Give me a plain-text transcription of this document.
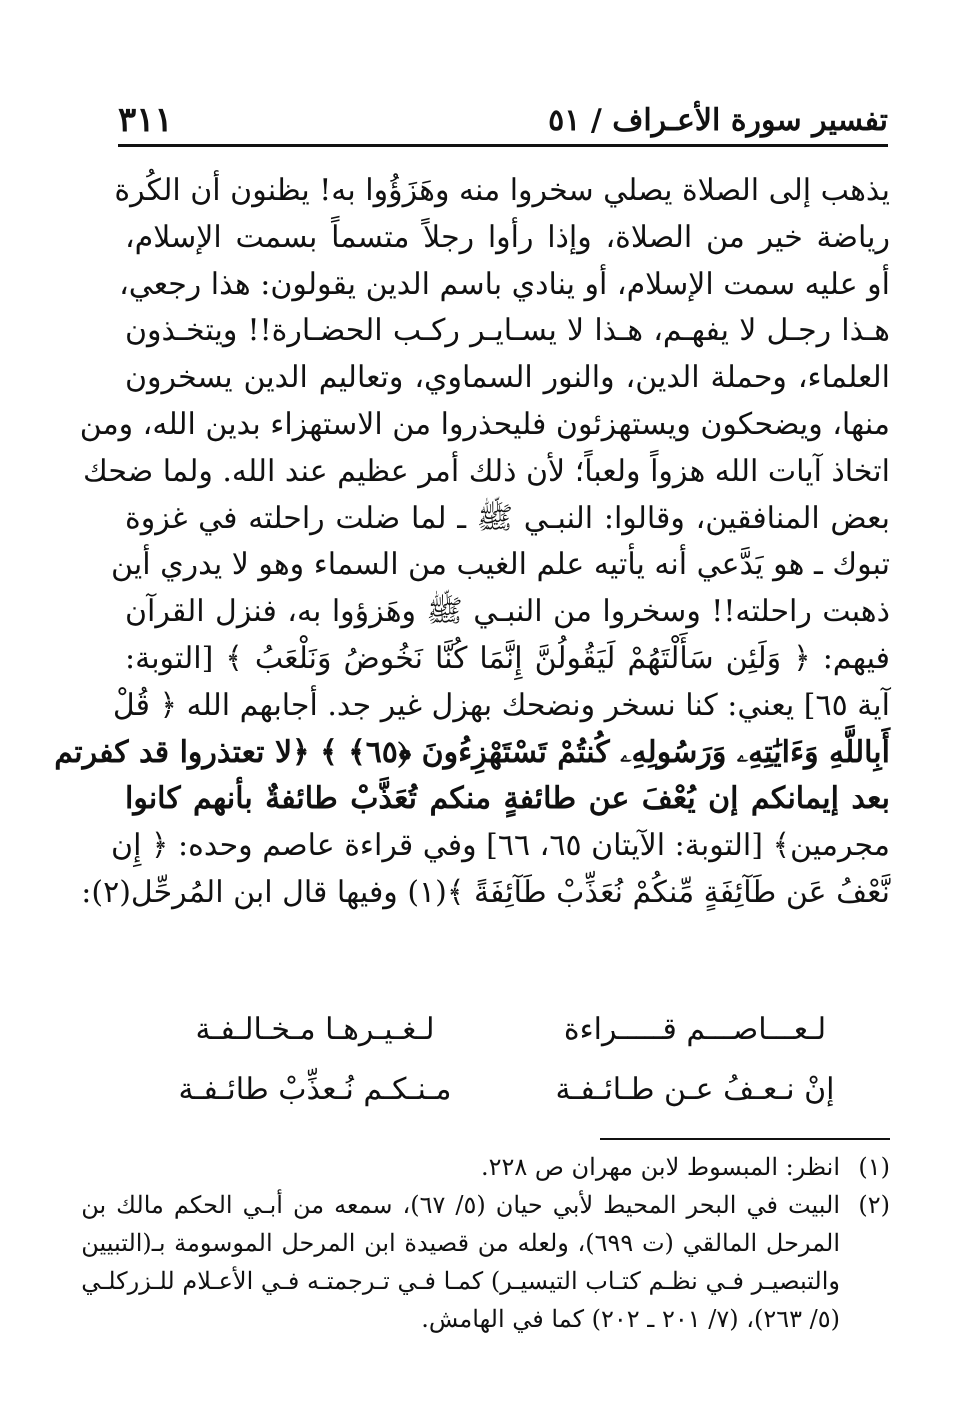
تفسير سورة الأعـراف / ٥١
٣١١
يذهب إلى الصلاة يصلي سخروا منه وهَزَؤُوا به! يظنون أن الكُرة
رياضة خير من الصلاة، وإذا رأوا رجلاً متسماً بسمت الإسلام،
أو عليه سمت الإسلام، أو ينادي باسم الدين يقولون: هذا رجعي،
هـذا رجـل لا يفهـم، هـذا لا يسـايـر ركـب الحضـارة!! ويتخـذون
العلماء، وحملة الدين، والنور السماوي، وتعاليم الدين يسخرون
منها، ويضحكون ويستهزئون فليحذروا من الاستهزاء بدين الله، ومن
اتخاذ آيات الله هزواً ولعباً؛ لأن ذلك أمر عظيم عند الله. ولما ضحك
بعض المنافقين، وقالوا: النبـي ﷺ ـ لما ضلت راحلته في غزوة
تبوك ـ هو يَدَّعي أنه يأتيه علم الغيب من السماء وهو لا يدري أين
ذهبت راحلته!! وسخروا من النبـي ﷺ وهَزؤوا به، فنزل القرآن
فيهم: ﴿ وَلَئِن سَأَلْتَهُمْ لَيَقُولُنَّ إِنَّمَا كُنَّا نَخُوضُ وَنَلْعَبُ ﴾ [التوبة:
آية ٦٥] يعني: كنا نسخر ونضحك بهزل غير جد. أجابهم الله ﴿ قُلْ
أَبِاللَّهِ وَءَايَٰتِهِۦ وَرَسُولِهِۦ كُنتُمْ تَسْتَهْزِءُونَ ﴿٦٥﴾ ﴾ ﴿لا تعتذروا قد كفرتم
بعد إيمانكم إن يُعْفَ عن طائفةٍ منكم تُعَذَّبْ طائفةٌ بأنهم كانوا
مجرمين﴾ [التوبة: الآيتان ٦٥، ٦٦] وفي قراءة عاصم وحده: ﴿ إِن
نَّعْفُ عَن طَآئِفَةٍ مِّنكُمْ نُعَذِّبْ طَآئِفَةً ﴾(١) وفيها قال ابن المُرحِّل(٢):
لـعـــاصـــم قـــــراءة
لـغـيـرهـا مـخـالـفـة
إنْ نـعـفُ عـن طـائـفـة
مـنـكـم نُـعذِّبْ طائـفـة
(١)
انظر: المبسوط لابن مهران ص ٢٢٨.
(٢)
البيت في البحر المحيط لأبي حيان (٥/ ٦٧)، سمعه من أبـي الحكم مالك بن
المرحل المالقي (ت ٦٩٩)، ولعله من قصيدة ابن المرحل الموسومة بـ(التبيين
والتبصيـر فـي نظـم كتـاب التيسيـر) كمـا فـي تـرجمتـه فـي الأعـلام للـزركلـي
(٥/ ٢٦٣)، (٧/ ٢٠١ ـ ٢٠٢) كما في الهامش.
